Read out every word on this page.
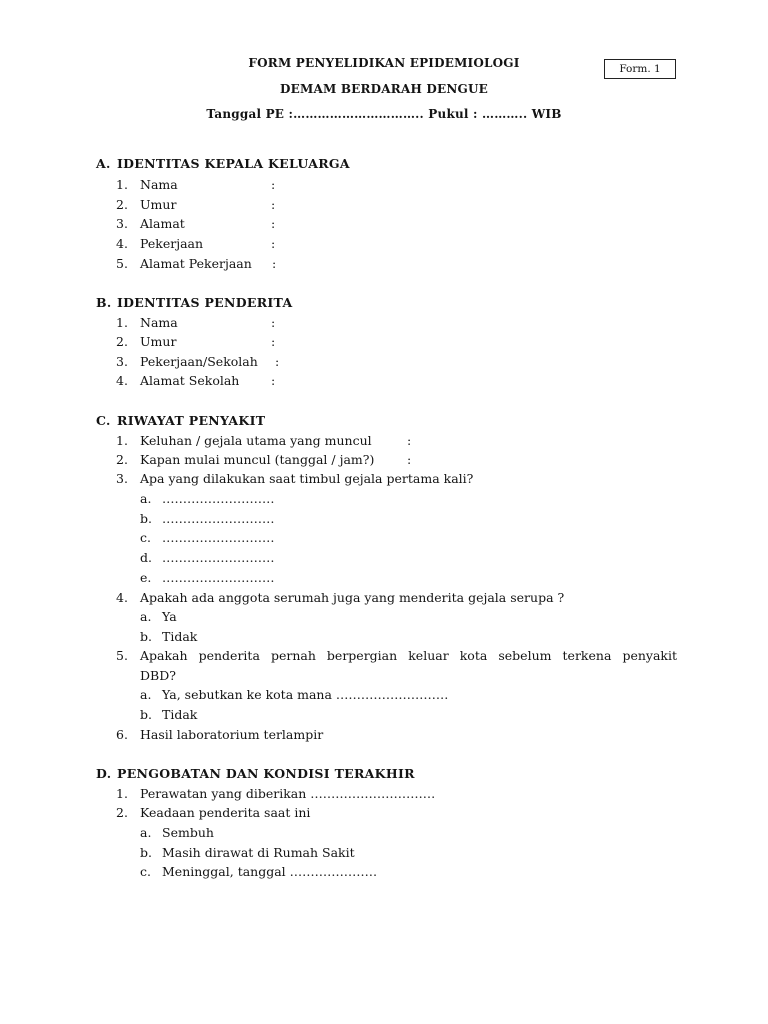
Form. 1
FORM PENYELIDIKAN EPIDEMIOLOGI
DEMAM BERDARAH DENGUE
Tanggal PE :………………………….. Pukul : ……….. WIB
A. IDENTITAS KEPALA KELUARGA
1. Nama	:
2. Umur	:
3. Alamat	:
4. Pekerjaan	:
5. Alamat Pekerjaan :
B. IDENTITAS PENDERITA
1. Nama	:
2. Umur	:
3. Pekerjaan/Sekolah :
4. Alamat Sekolah	:
C. RIWAYAT PENYAKIT
1. Keluhan / gejala utama yang muncul	:
2. Kapan mulai muncul (tanggal / jam?)	:
3. Apa yang dilakukan saat timbul gejala pertama kali?
a. ………………………
b. ………………………
c. ………………………
d. ………………………
e. ………………………
4. Apakah ada anggota serumah juga yang menderita gejala serupa ?
a. Ya
b. Tidak
5. Apakah penderita pernah berpergian keluar kota sebelum terkena penyakit
DBD?
a. Ya, sebutkan ke kota mana ………………………
b. Tidak
6. Hasil laboratorium terlampir
D. PENGOBATAN DAN KONDISI TERAKHIR
1. Perawatan yang diberikan …………………………
2. Keadaan penderita saat ini
a. Sembuh
b. Masih dirawat di Rumah Sakit
c. Meninggal, tanggal …………………
